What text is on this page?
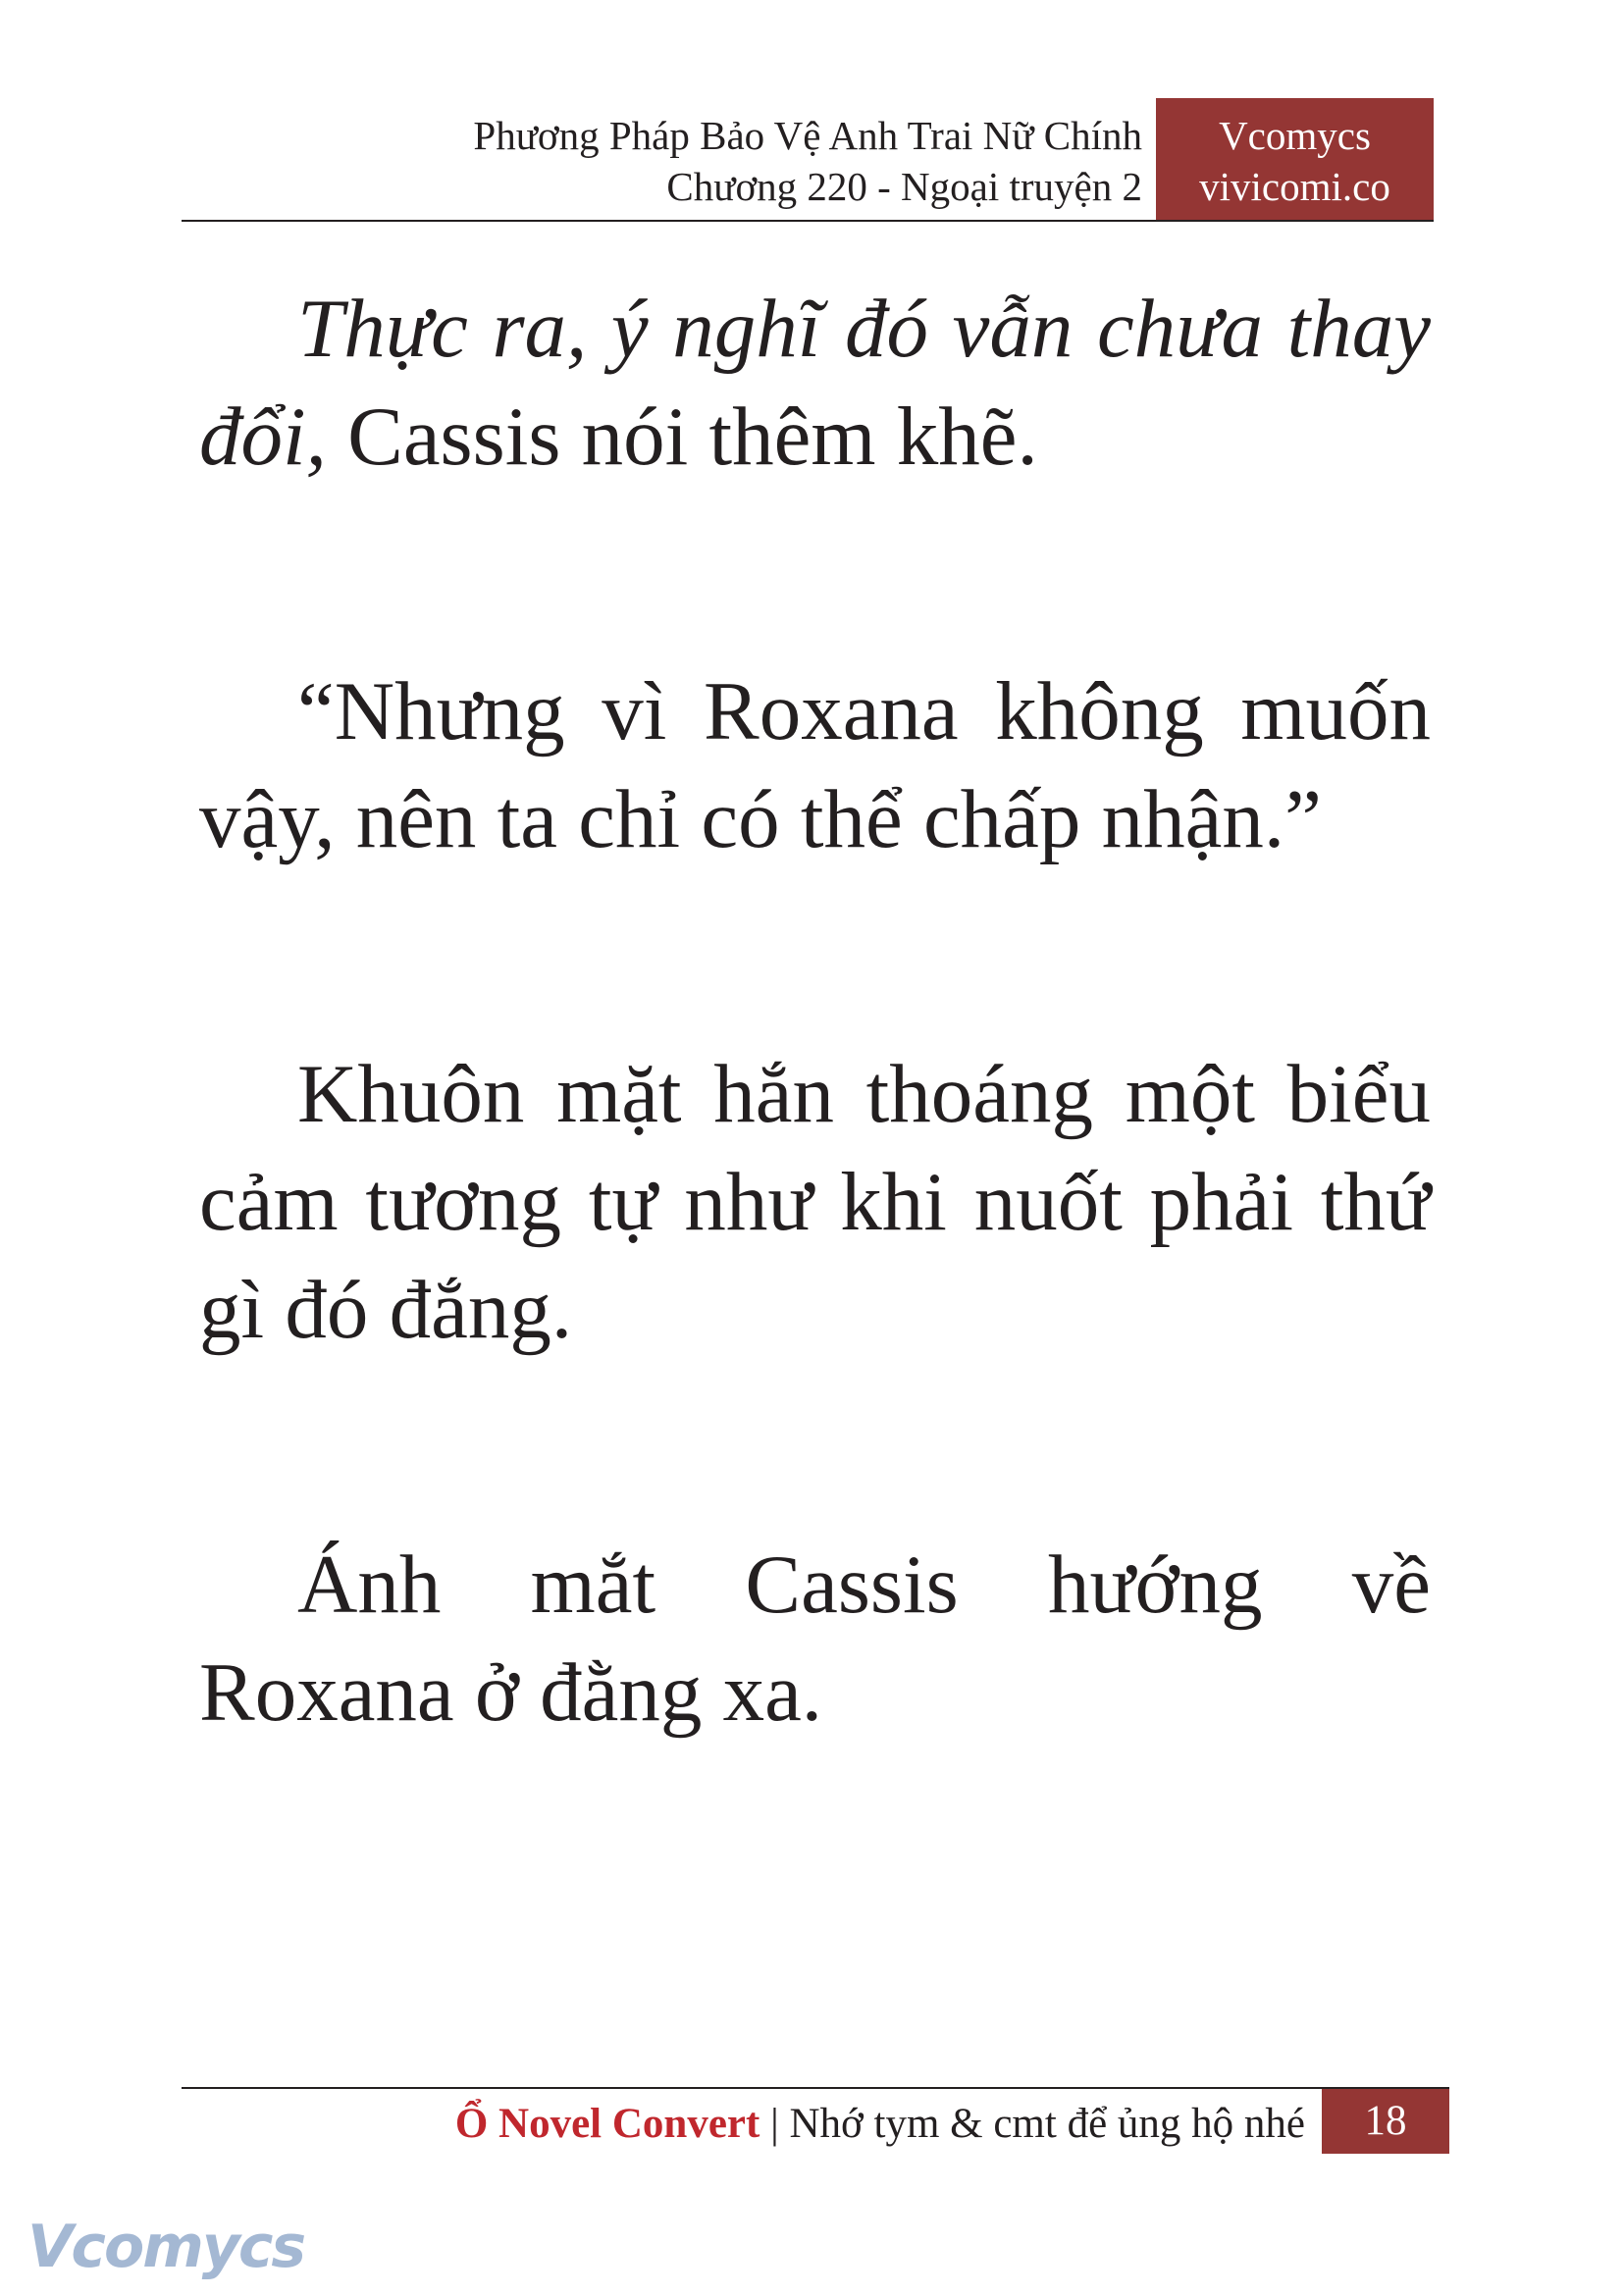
Phương Pháp Bảo Vệ Anh Trai Nữ Chính
Chương 220 - Ngoại truyện 2
Vcomycs
vivicomi.co

Thực ra, ý nghĩ đó vẫn chưa thay đổi, Cassis nói thêm khẽ.

“Nhưng vì Roxana không muốn vậy, nên ta chỉ có thể chấp nhận.”

Khuôn mặt hắn thoáng một biểu cảm tương tự như khi nuốt phải thứ gì đó đắng.

Ánh mắt Cassis hướng về Roxana ở đằng xa.

Ổ Novel Convert | Nhớ tym & cmt để ủng hộ nhé	18
Vcomycs
